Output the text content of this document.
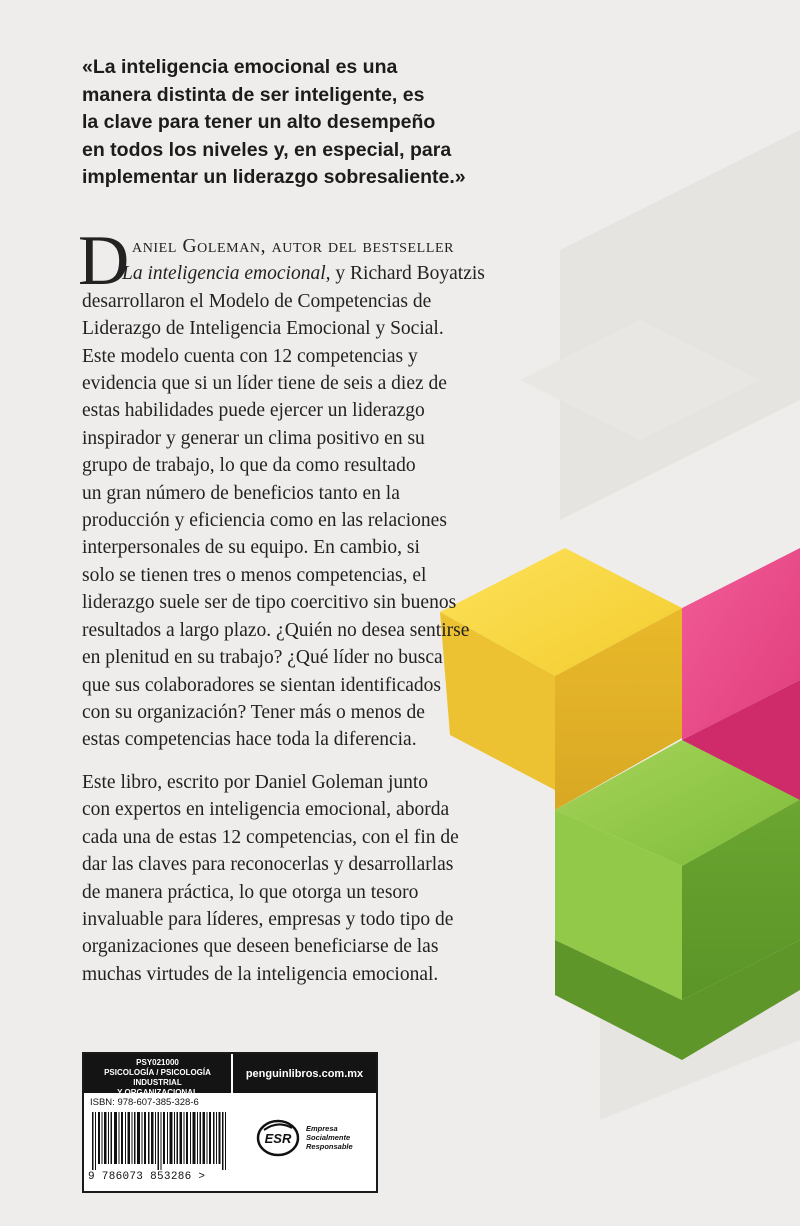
«La inteligencia emocional es una
manera distinta de ser inteligente, es
la clave para tener un alto desempeño
en todos los niveles y, en especial, para
implementar un liderazgo sobresaliente.»
D aniel Goleman, autor del bestseller
La inteligencia emocional, y Richard Boyatzis
desarrollaron el Modelo de Competencias de
Liderazgo de Inteligencia Emocional y Social.
Este modelo cuenta con 12 competencias y
evidencia que si un líder tiene de seis a diez de
estas habilidades puede ejercer un liderazgo
inspirador y generar un clima positivo en su
grupo de trabajo, lo que da como resultado
un gran número de beneficios tanto en la
producción y eficiencia como en las relaciones
interpersonales de su equipo. En cambio, si
solo se tienen tres o menos competencias, el
liderazgo suele ser de tipo coercitivo sin buenos
resultados a largo plazo. ¿Quién no desea sentirse
en plenitud en su trabajo? ¿Qué líder no busca
que sus colaboradores se sientan identificados
con su organización? Tener más o menos de
estas competencias hace toda la diferencia.
Este libro, escrito por Daniel Goleman junto
con expertos en inteligencia emocional, aborda
cada una de estas 12 competencias, con el fin de
dar las claves para reconocerlas y desarrollarlas
de manera práctica, lo que otorga un tesoro
invaluable para líderes, empresas y todo tipo de
organizaciones que deseen beneficiarse de las
muchas virtudes de la inteligencia emocional.
PSY021000
PSICOLOGÍA / PSICOLOGÍA INDUSTRIAL
Y ORGANIZACIONAL
penguinlibros.com.mx
ISBN: 978-607-385-328-6
9 786073 853286 >
ESR
Empresa
Socialmente
Responsable
